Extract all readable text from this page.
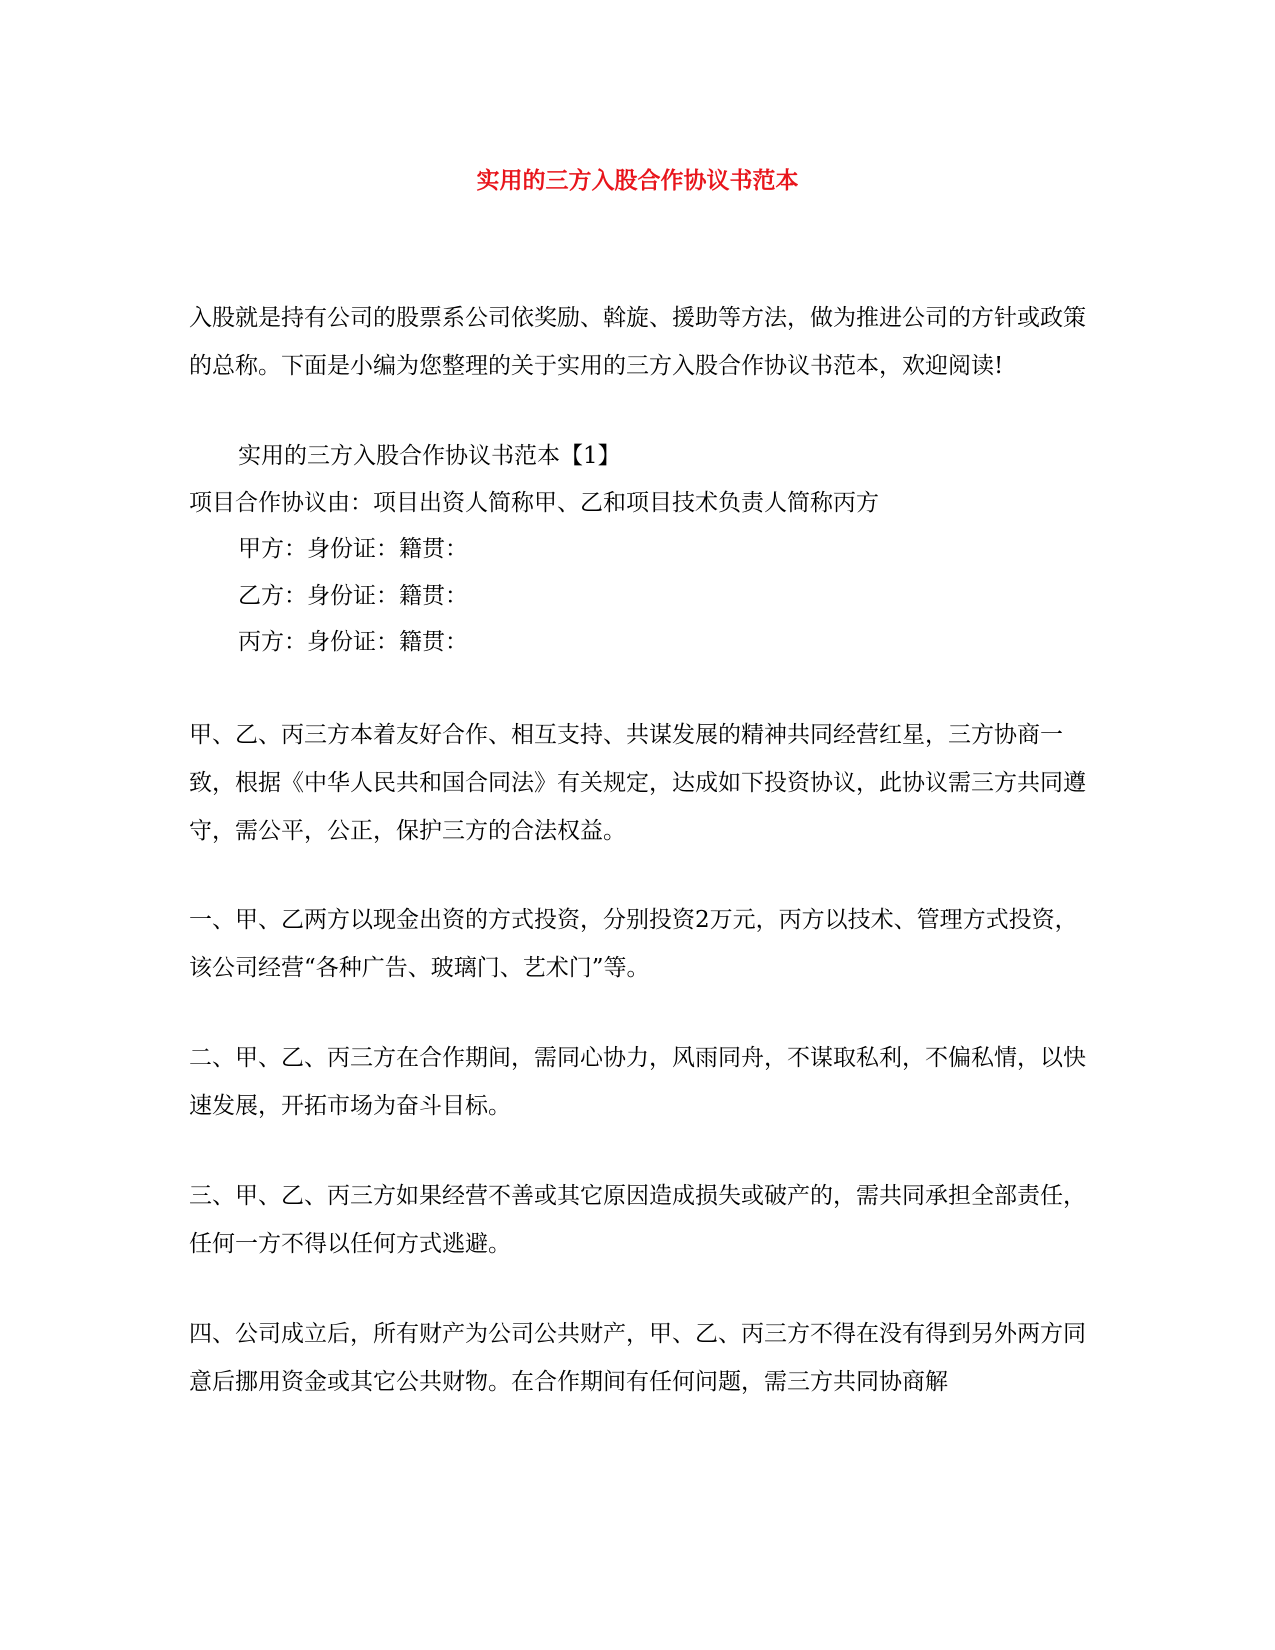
实用的三方入股合作协议书范本

入股就是持有公司的股票系公司依奖励、斡旋、援助等方法，做为推进公司的方针或政策的总称。下面是小编为您整理的关于实用的三方入股合作协议书范本，欢迎阅读!

实用的三方入股合作协议书范本【1】

项目合作协议由：项目出资人简称甲、乙和项目技术负责人简称丙方

甲方：身份证：籍贯：

乙方：身份证：籍贯：

丙方：身份证：籍贯：

甲、乙、丙三方本着友好合作、相互支持、共谋发展的精神共同经营红星，三方协商一致，根据《中华人民共和国合同法》有关规定，达成如下投资协议，此协议需三方共同遵守，需公平，公正，保护三方的合法权益。

一、甲、乙两方以现金出资的方式投资，分别投资2万元，丙方以技术、管理方式投资，该公司经营“各种广告、玻璃门、艺术门”等。

二、甲、乙、丙三方在合作期间，需同心协力，风雨同舟，不谋取私利，不偏私情，以快速发展，开拓市场为奋斗目标。

三、甲、乙、丙三方如果经营不善或其它原因造成损失或破产的，需共同承担全部责任，任何一方不得以任何方式逃避。

四、公司成立后，所有财产为公司公共财产，甲、乙、丙三方不得在没有得到另外两方同意后挪用资金或其它公共财物。在合作期间有任何问题，需三方共同协商解
